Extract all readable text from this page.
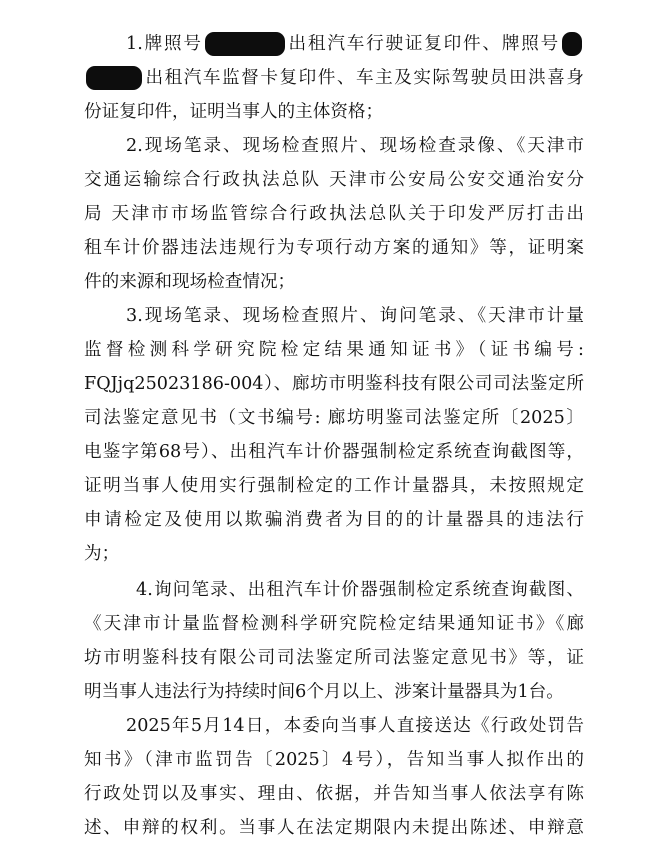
1.牌照号	出租汽车行驶证复印件、牌照号
出租汽车监督卡复印件、车主及实际驾驶员田洪喜身
份证复印件，证明当事人的主体资格；
2.现场笔录、现场检查照片、现场检查录像、《天津市
交通运输综合行政执法总队 天津市公安局公安交通治安分
局 天津市市场监管综合行政执法总队关于印发严厉打击出
租车计价器违法违规行为专项行动方案的通知》等，证明案
件的来源和现场检查情况；
3.现场笔录、现场检查照片、询问笔录、《天津市计量
监督检测科学研究院检定结果通知证书》（证书编号:
FQJjq25023186-004）、廊坊市明鉴科技有限公司司法鉴定所
司法鉴定意见书（文书编号: 廊坊明鉴司法鉴定所〔2025〕
电鉴字第68号）、出租汽车计价器强制检定系统查询截图等，
证明当事人使用实行强制检定的工作计量器具，未按照规定
申请检定及使用以欺骗消费者为目的的计量器具的违法行
为；
4.询问笔录、出租汽车计价器强制检定系统查询截图、
《天津市计量监督检测科学研究院检定结果通知证书》《廊
坊市明鉴科技有限公司司法鉴定所司法鉴定意见书》等，证
明当事人违法行为持续时间6个月以上、涉案计量器具为1台。
2025年5月14日，本委向当事人直接送达《行政处罚告
知书》（津市监罚告〔2025〕4号），告知当事人拟作出的
行政处罚以及事实、理由、依据，并告知当事人依法享有陈
述、申辩的权利。当事人在法定期限内未提出陈述、申辩意
